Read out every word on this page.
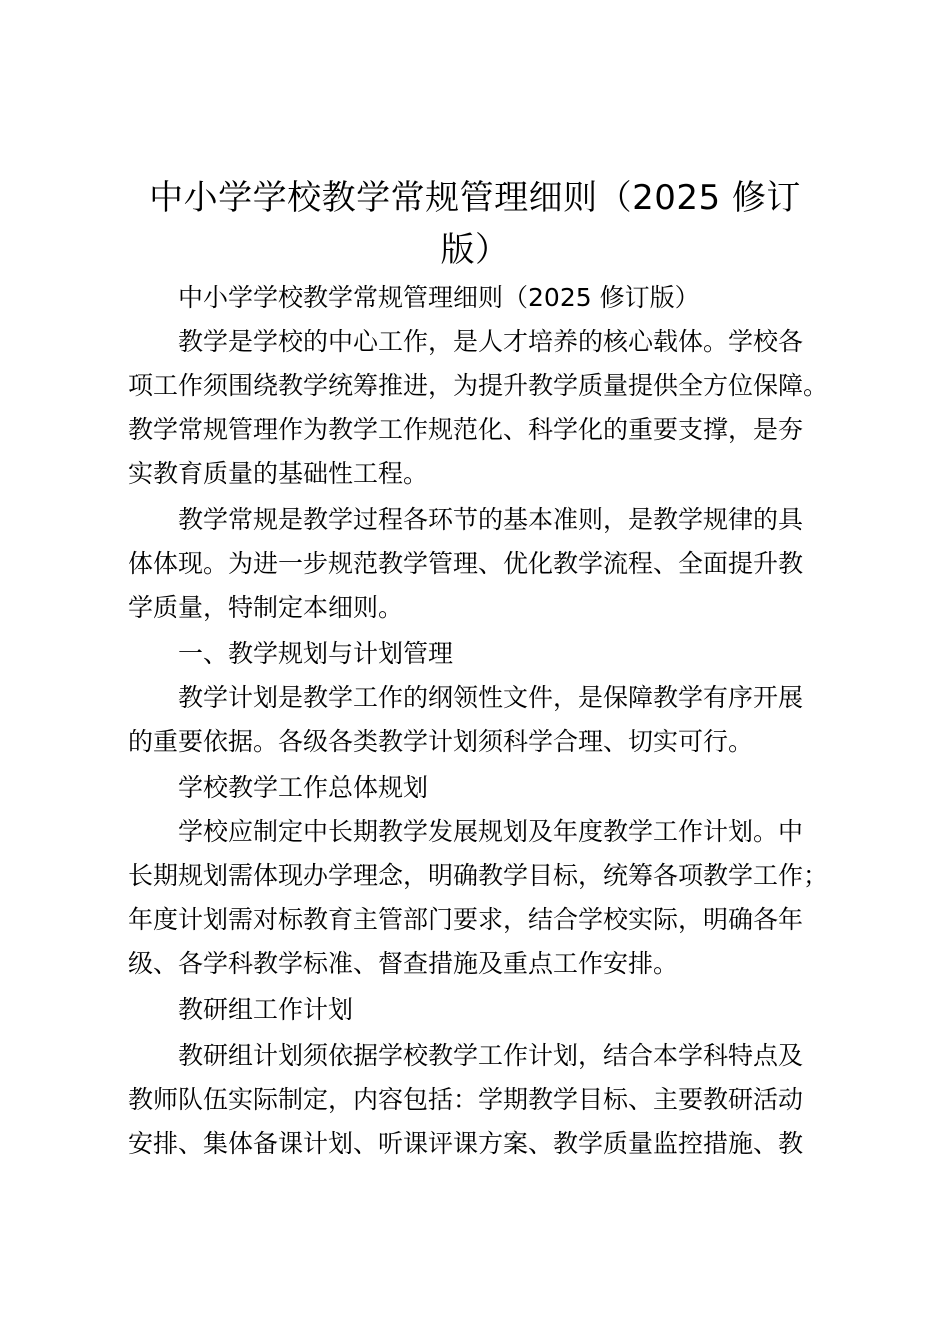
中小学学校教学常规管理细则（2025 修订
版）

中小学学校教学常规管理细则（2025 修订版）

教学是学校的中心工作，是人才培养的核心载体。学校各

项工作须围绕教学统筹推进，为提升教学质量提供全方位保障。

教学常规管理作为教学工作规范化、科学化的重要支撑，是夯

实教育质量的基础性工程。

教学常规是教学过程各环节的基本准则，是教学规律的具

体体现。为进一步规范教学管理、优化教学流程、全面提升教

学质量，特制定本细则。

一、教学规划与计划管理

教学计划是教学工作的纲领性文件，是保障教学有序开展

的重要依据。各级各类教学计划须科学合理、切实可行。

学校教学工作总体规划

学校应制定中长期教学发展规划及年度教学工作计划。中

长期规划需体现办学理念，明确教学目标，统筹各项教学工作；

年度计划需对标教育主管部门要求，结合学校实际，明确各年

级、各学科教学标准、督查措施及重点工作安排。

教研组工作计划

教研组计划须依据学校教学工作计划，结合本学科特点及

教师队伍实际制定，内容包括：学期教学目标、主要教研活动

安排、集体备课计划、听课评课方案、教学质量监控措施、教
